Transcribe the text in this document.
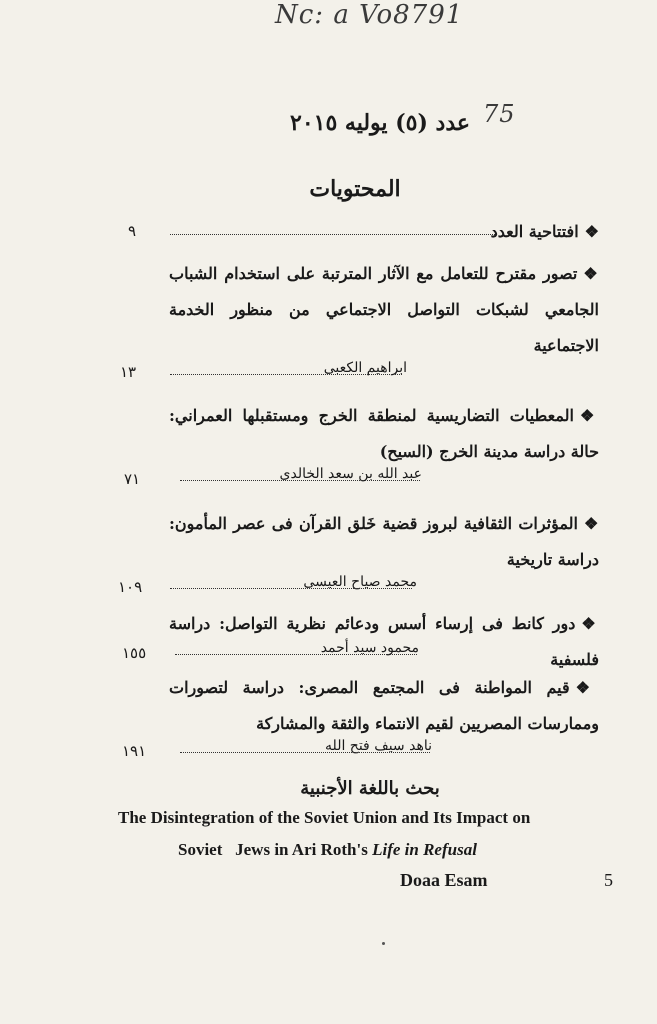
Nc: a Vo8791
75
عدد (٥) يوليه ٢٠١٥
المحتويات
❖افتتاحية العدد
٩
❖تصور مقترح للتعامل مع الآثار المترتبة على استخدام الشباب الجامعي لشبكات التواصل الاجتماعي من منظور الخدمة الاجتماعية
ابراهيم الكعبى
١٣
❖المعطيات التضاريسية لمنطقة الخرج ومستقبلها العمراني: حالة دراسة مدينة الخرج (السيح)
عبد الله بن سعد الخالدى
٧١
❖المؤثرات الثقافية لبروز قضية خَلق القرآن فى عصر المأمون: دراسة تاريخية
محمد صياح العيسى
١٠٩
❖دور كانط فى إرساء أسس ودعائم نظرية التواصل: دراسة فلسفية
محمود سيد أحمد
١٥٥
❖قيم المواطنة فى المجتمع المصرى: دراسة لتصورات وممارسات المصريين لقيم الانتماء والثقة والمشاركة
ناهد سيف فتح الله
١٩١
بحث باللغة الأجنبية
The Disintegration of the Soviet Union and Its Impact on
Soviet   Jews in Ari Roth's Life in Refusal
Doaa Esam	5
